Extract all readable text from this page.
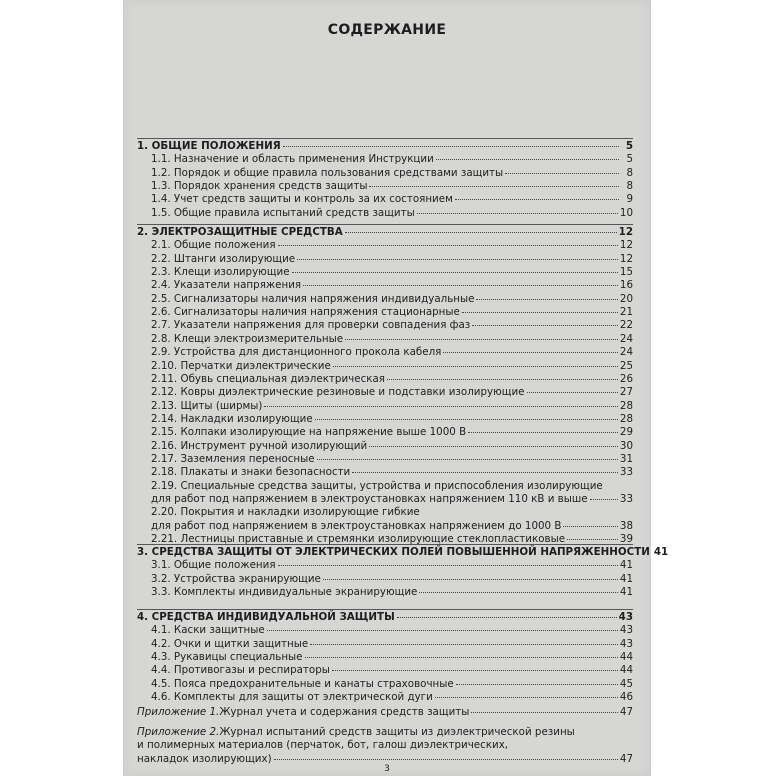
СОДЕРЖАНИЕ
1. ОБЩИЕ ПОЛОЖЕНИЯ	5
1.1. Назначение и область применения Инструкции	5
1.2. Порядок и общие правила пользования средствами защиты	8
1.3. Порядок хранения средств защиты	8
1.4. Учет средств защиты и контроль за их состоянием	9
1.5. Общие правила испытаний средств защиты	10
2. ЭЛЕКТРОЗАЩИТНЫЕ СРЕДСТВА	12
2.1. Общие положения	12
2.2. Штанги изолирующие	12
2.3. Клещи изолирующие	15
2.4. Указатели напряжения	16
2.5. Сигнализаторы наличия напряжения индивидуальные	20
2.6. Сигнализаторы наличия напряжения стационарные	21
2.7. Указатели напряжения для проверки совпадения фаз	22
2.8. Клещи электроизмерительные	24
2.9. Устройства для дистанционного прокола кабеля	24
2.10. Перчатки диэлектрические	25
2.11. Обувь специальная диэлектрическая	26
2.12. Ковры диэлектрические резиновые и подставки изолирующие	27
2.13. Щиты (ширмы)	28
2.14. Накладки изолирующие	28
2.15. Колпаки изолирующие на напряжение выше 1000 В	29
2.16. Инструмент ручной изолирующий	30
2.17. Заземления переносные	31
2.18. Плакаты и знаки безопасности	33
2.19. Специальные средства защиты, устройства и приспособления изолирующие
для работ под напряжением в электроустановках напряжением 110 кВ и выше	33
2.20. Покрытия и накладки изолирующие гибкие
для работ под напряжением в электроустановках напряжением до 1000 В	38
2.21. Лестницы приставные и стремянки изолирующие стеклопластиковые	39
3. СРЕДСТВА ЗАЩИТЫ ОТ ЭЛЕКТРИЧЕСКИХ ПОЛЕЙ ПОВЫШЕННОЙ НАПРЯЖЕННОСТИ 41
3.1. Общие положения	41
3.2. Устройства экранирующие	41
3.3. Комплекты индивидуальные экранирующие	41
4. СРЕДСТВА ИНДИВИДУАЛЬНОЙ ЗАЩИТЫ	43
4.1. Каски защитные	43
4.2. Очки и щитки защитные	43
4.3. Рукавицы специальные	44
4.4. Противогазы и респираторы	44
4.5. Пояса предохранительные и канаты страховочные	45
4.6. Комплекты для защиты от электрической дуги	46
Приложение 1. Журнал учета и содержания средств защиты	47
Приложение 2. Журнал испытаний средств защиты из диэлектрической резины
и полимерных материалов (перчаток, бот, галош диэлектрических,
накладок изолирующих)	47
3
